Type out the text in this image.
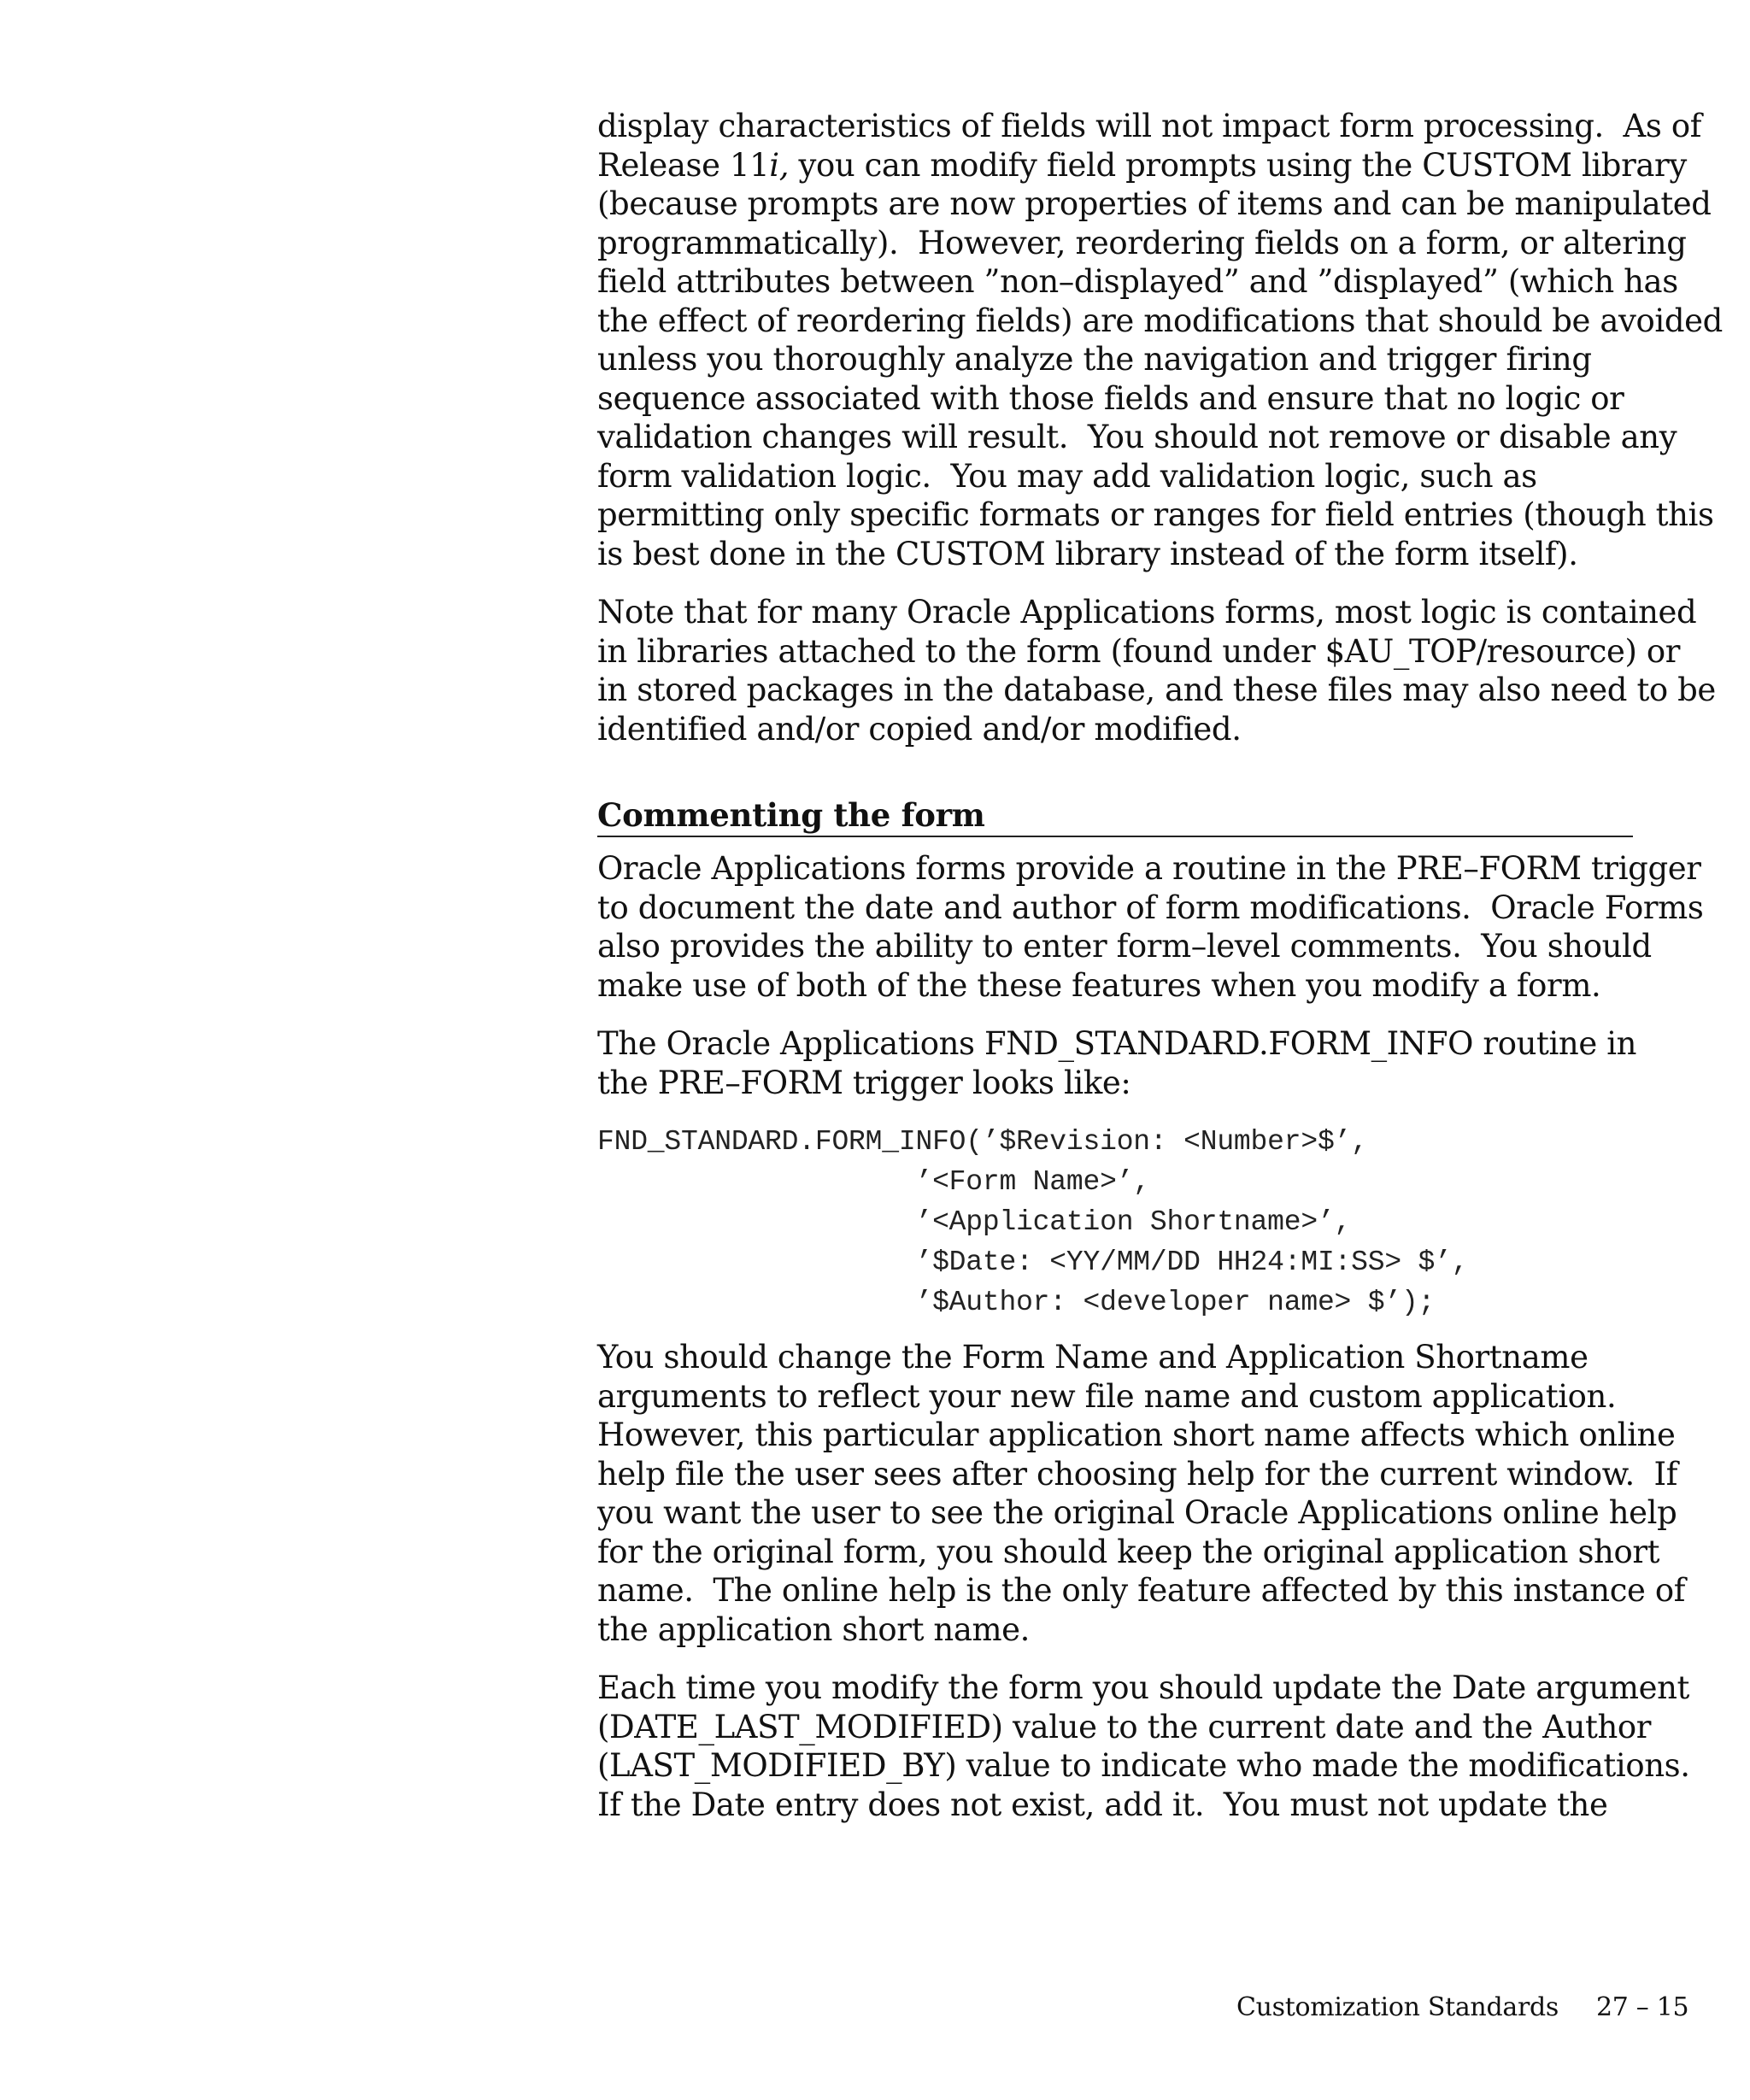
display characteristics of fields will not impact form processing.  As of
Release 11i, you can modify field prompts using the CUSTOM library
(because prompts are now properties of items and can be manipulated
programmatically).  However, reordering fields on a form, or altering
field attributes between ”non–displayed” and ”displayed” (which has
the effect of reordering fields) are modifications that should be avoided
unless you thoroughly analyze the navigation and trigger firing
sequence associated with those fields and ensure that no logic or
validation changes will result.  You should not remove or disable any
form validation logic.  You may add validation logic, such as
permitting only specific formats or ranges for field entries (though this
is best done in the CUSTOM library instead of the form itself).
Note that for many Oracle Applications forms, most logic is contained
in libraries attached to the form (found under $AU_TOP/resource) or
in stored packages in the database, and these files may also need to be
identified and/or copied and/or modified.
Commenting the form
Oracle Applications forms provide a routine in the PRE–FORM trigger
to document the date and author of form modifications.  Oracle Forms
also provides the ability to enter form–level comments.  You should
make use of both of the these features when you modify a form.
The Oracle Applications FND_STANDARD.FORM_INFO routine in
the PRE–FORM trigger looks like:
FND_STANDARD.FORM_INFO(’$Revision: <Number>$’,
’<Form Name>’,
’<Application Shortname>’,
’$Date: <YY/MM/DD HH24:MI:SS> $’,
’$Author: <developer name> $’);
You should change the Form Name and Application Shortname
arguments to reflect your new file name and custom application.
However, this particular application short name affects which online
help file the user sees after choosing help for the current window.  If
you want the user to see the original Oracle Applications online help
for the original form, you should keep the original application short
name.  The online help is the only feature affected by this instance of
the application short name.
Each time you modify the form you should update the Date argument
(DATE_LAST_MODIFIED) value to the current date and the Author
(LAST_MODIFIED_BY) value to indicate who made the modifications.
If the Date entry does not exist, add it.  You must not update the

Customization Standards 27 – 15
